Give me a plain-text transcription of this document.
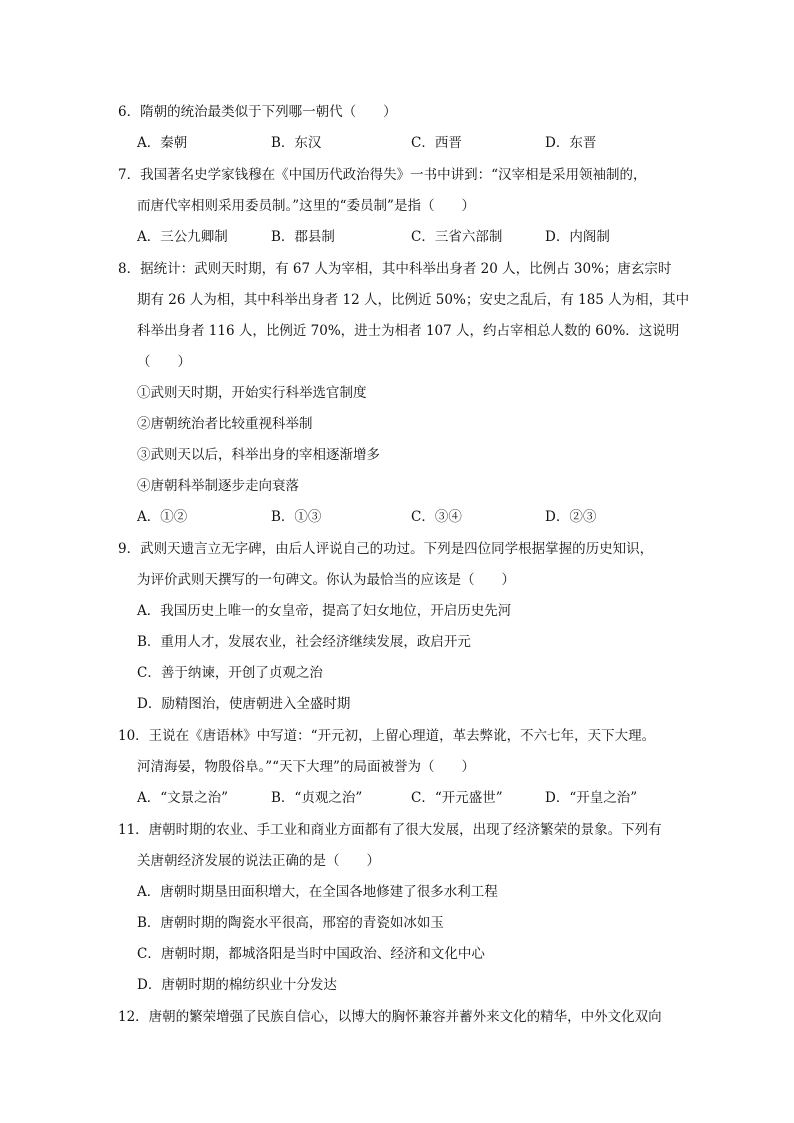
6．隋朝的统治最类似于下列哪一朝代（　　）
A．秦朝	B．东汉	C．西晋	D．东晋
7．我国著名史学家钱穆在《中国历代政治得失》一书中讲到：“汉宰相是采用领袖制的，
而唐代宰相则采用委员制。”这里的“委员制”是指（　　）
A．三公九卿制	B．郡县制	C．三省六部制	D．内阁制
8．据统计：武则天时期，有 67 人为宰相，其中科举出身者 20 人，比例占 30%；唐玄宗时
期有 26 人为相，其中科举出身者 12 人，比例近 50%；安史之乱后，有 185 人为相，其中
科举出身者 116 人，比例近 70%，进士为相者 107 人，约占宰相总人数的 60%．这说明
（　　）
①武则天时期，开始实行科举选官制度
②唐朝统治者比较重视科举制
③武则天以后，科举出身的宰相逐渐增多
④唐朝科举制逐步走向衰落
A．①②	B．①③	C．③④	D．②③
9．武则天遗言立无字碑，由后人评说自己的功过。下列是四位同学根据掌握的历史知识，
为评价武则天撰写的一句碑文。你认为最恰当的应该是（　　）
A．我国历史上唯一的女皇帝，提高了妇女地位，开启历史先河
B．重用人才，发展农业，社会经济继续发展，政启开元
C．善于纳谏，开创了贞观之治
D．励精图治，使唐朝进入全盛时期
10．王说在《唐语林》中写道：“开元初，上留心理道，革去弊讹，不六七年，天下大理。
河清海晏，物殷俗阜。”“天下大理”的局面被誉为（　　）
A．“文景之治”	B．“贞观之治”	C．“开元盛世”	D．“开皇之治”
11．唐朝时期的农业、手工业和商业方面都有了很大发展，出现了经济繁荣的景象。下列有
关唐朝经济发展的说法正确的是（　　）
A．唐朝时期垦田面积增大，在全国各地修建了很多水利工程
B．唐朝时期的陶瓷水平很高，邢窑的青瓷如冰如玉
C．唐朝时期，都城洛阳是当时中国政治、经济和文化中心
D．唐朝时期的棉纺织业十分发达
12．唐朝的繁荣增强了民族自信心，以博大的胸怀兼容并蓄外来文化的精华，中外文化双向
